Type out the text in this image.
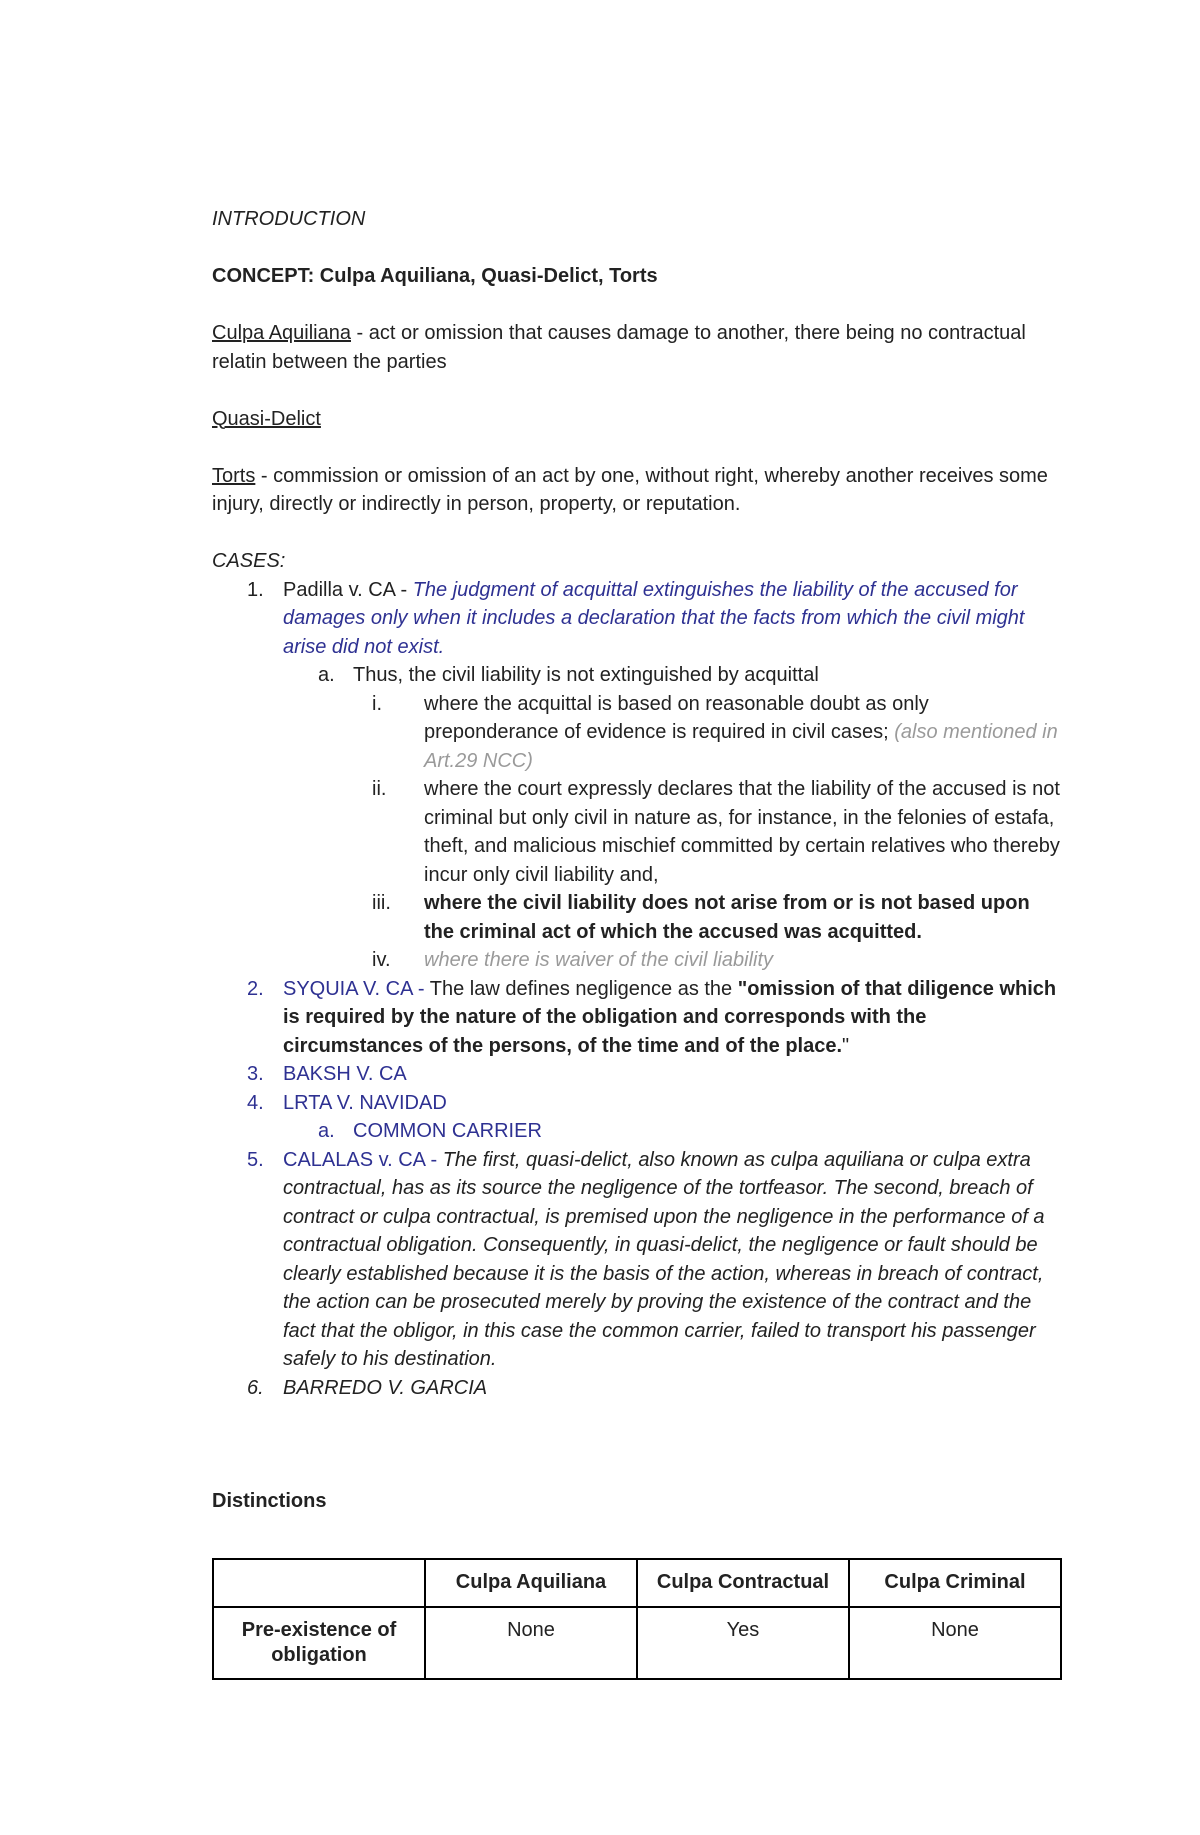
INTRODUCTION

CONCEPT: Culpa Aquiliana, Quasi-Delict, Torts

Culpa Aquiliana - act or omission that causes damage to another, there being no contractual relatin between the parties

Quasi-Delict

Torts - commission or omission of an act by one, without right, whereby another receives some injury, directly or indirectly in person, property, or reputation.

CASES:

1. Padilla v. CA - The judgment of acquittal extinguishes the liability of the accused for damages only when it includes a declaration that the facts from which the civil might arise did not exist.
a. Thus, the civil liability is not extinguished by acquittal
i. where the acquittal is based on reasonable doubt as only preponderance of evidence is required in civil cases; (also mentioned in Art.29 NCC)
ii. where the court expressly declares that the liability of the accused is not criminal but only civil in nature as, for instance, in the felonies of estafa, theft, and malicious mischief committed by certain relatives who thereby incur only civil liability and,
iii. where the civil liability does not arise from or is not based upon the criminal act of which the accused was acquitted.
iv. where there is waiver of the civil liability
2. SYQUIA V. CA - The law defines negligence as the "omission of that diligence which is required by the nature of the obligation and corresponds with the circumstances of the persons, of the time and of the place."
3. BAKSH V. CA
4. LRTA V. NAVIDAD
a. COMMON CARRIER
5. CALALAS v. CA - The first, quasi-delict, also known as culpa aquiliana or culpa extra contractual, has as its source the negligence of the tortfeasor. The second, breach of contract or culpa contractual, is premised upon the negligence in the performance of a contractual obligation. Consequently, in quasi-delict, the negligence or fault should be clearly established because it is the basis of the action, whereas in breach of contract, the action can be prosecuted merely by proving the existence of the contract and the fact that the obligor, in this case the common carrier, failed to transport his passenger safely to his destination.
6. BARREDO V. GARCIA

Distinctions

	Culpa Aquiliana	Culpa Contractual	Culpa Criminal
Pre-existence of obligation	None	Yes	None
